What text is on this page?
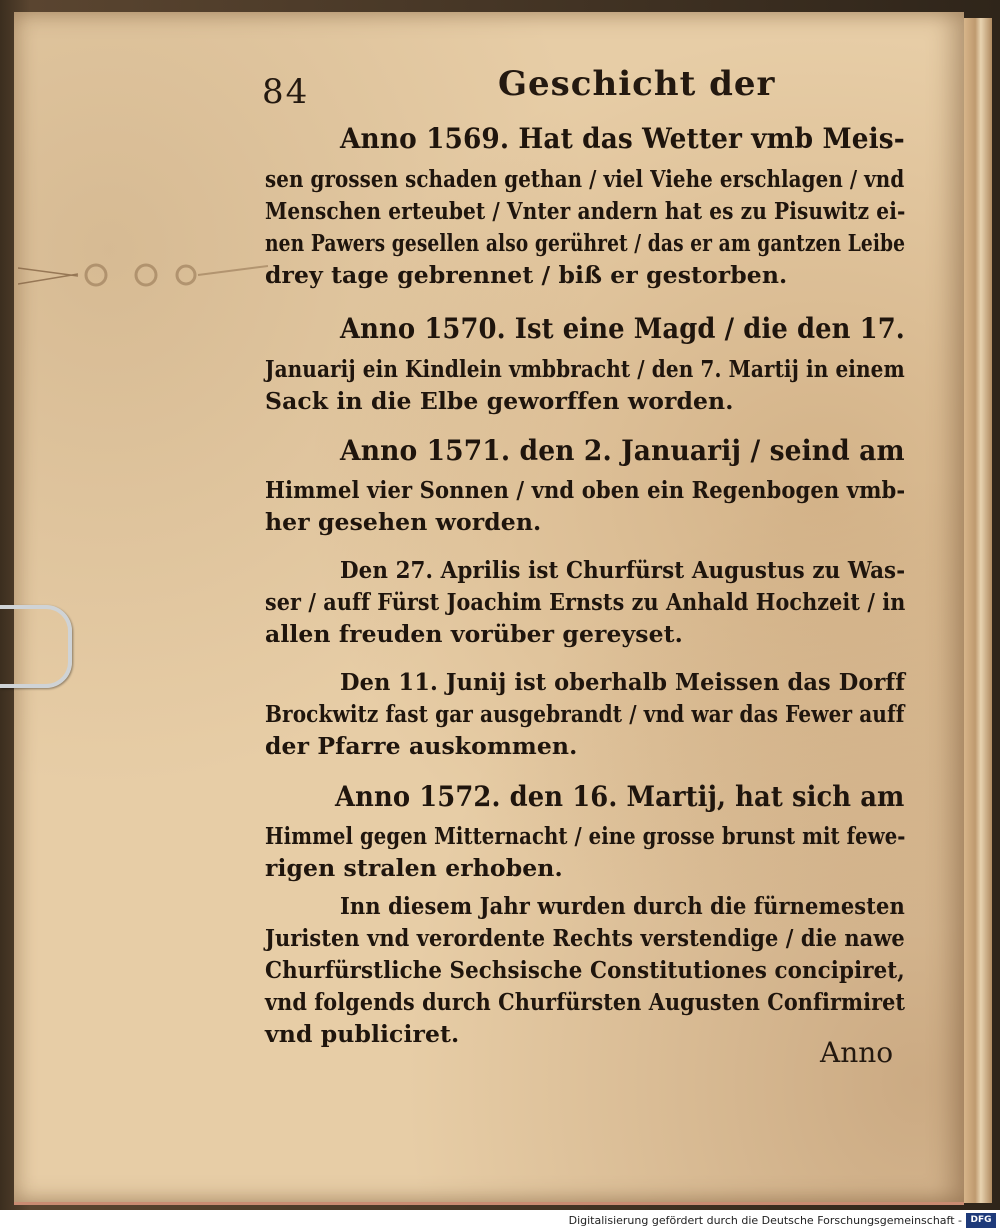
84	Geschicht der
Anno 1569. Hat das Wetter vmb Meis-
sen grossen schaden gethan / viel Viehe erschlagen / vnd
Menschen erteubet / Vnter andern hat es zu Pisuwitz ei-
nen Pawers gesellen also gerühret / das er am gantzen Leibe
drey tage gebrennet / biß er gestorben.
Anno 1570. Ist eine Magd / die den 17.
Januarij ein Kindlein vmbbracht / den 7. Martij in einem
Sack in die Elbe geworffen worden.
Anno 1571. den 2. Januarij / seind am
Himmel vier Sonnen / vnd oben ein Regenbogen vmb-
her gesehen worden.
Den 27. Aprilis ist Churfürst Augustus zu Was-
ser / auff Fürst Joachim Ernsts zu Anhald Hochzeit / in
allen freuden vorüber gereyset.
Den 11. Junij ist oberhalb Meissen das Dorff
Brockwitz fast gar ausgebrandt / vnd war das Fewer auff
der Pfarre auskommen.
Anno 1572. den 16. Martij, hat sich am
Himmel gegen Mitternacht / eine grosse brunst mit fewe-
rigen stralen erhoben.
Inn diesem Jahr wurden durch die fürnemesten
Juristen vnd verordente Rechts verstendige / die nawe
Churfürstliche Sechsische Constitutiones concipiret,
vnd folgends durch Churfürsten Augusten Confirmiret
vnd publiciret.
Anno
Digitalisierung gefördert durch die Deutsche Forschungsgemeinschaft - DFG
